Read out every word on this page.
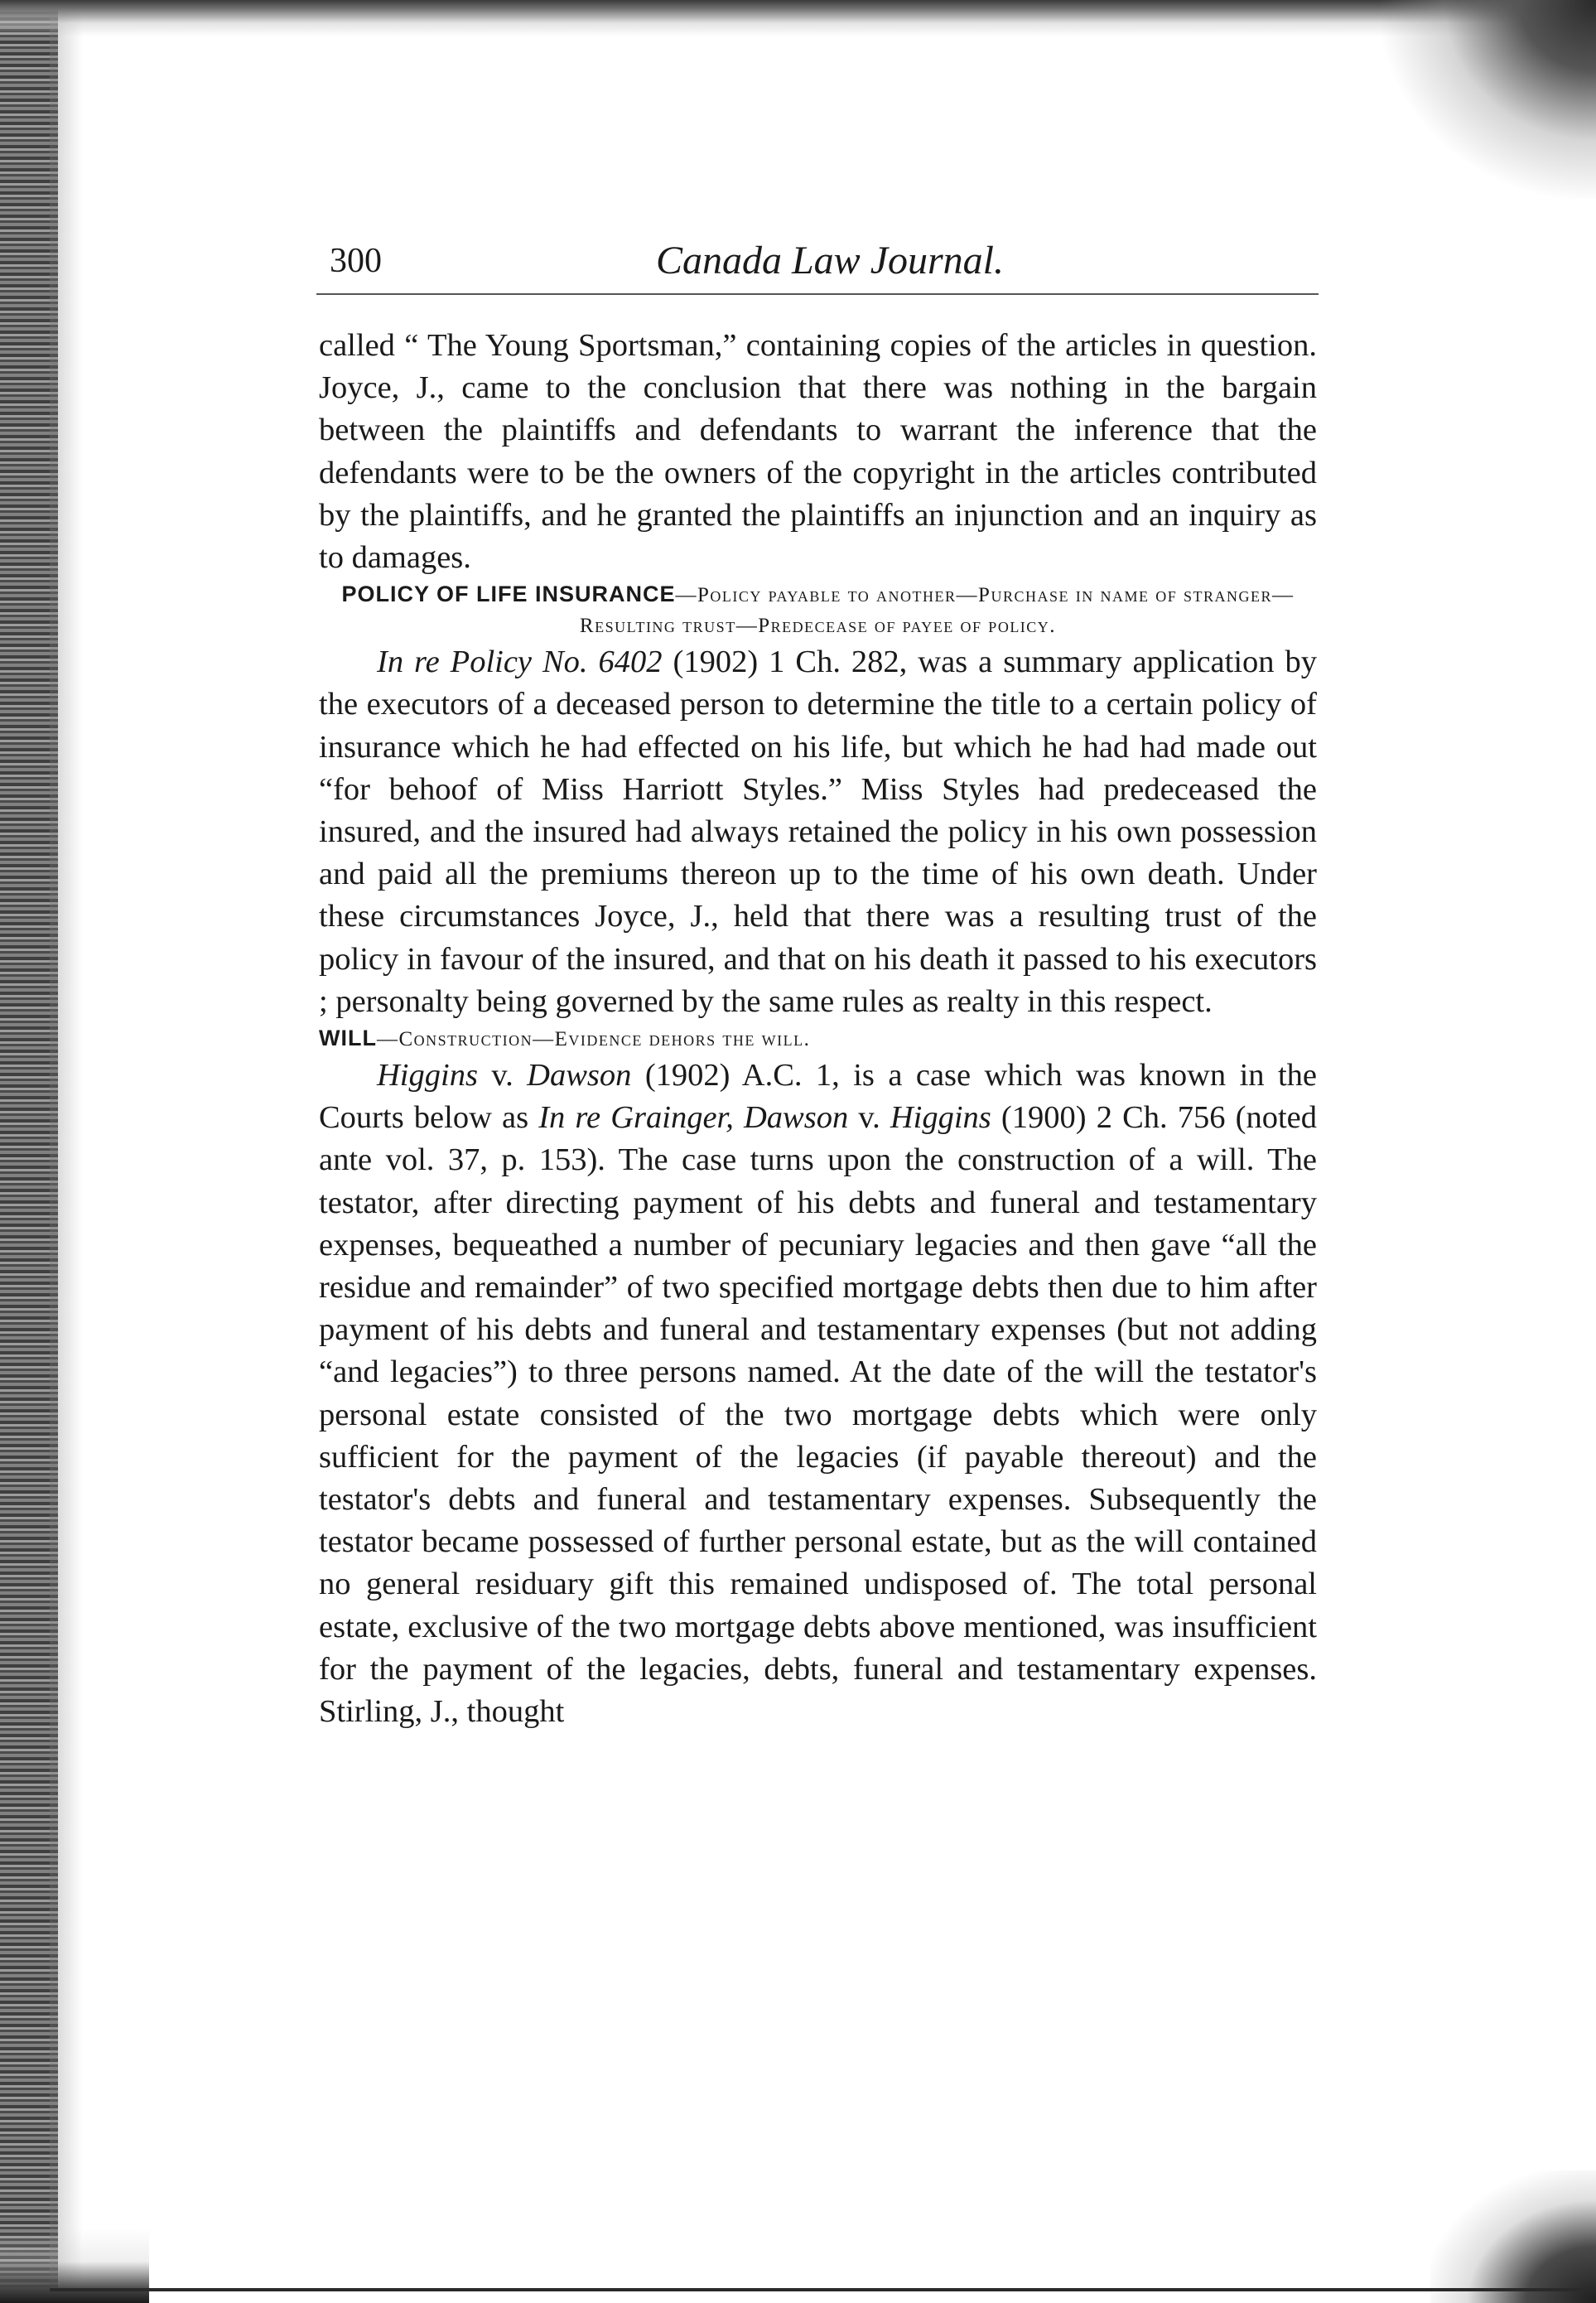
300	Canada Law Journal.

called “ The Young Sportsman,” containing copies of the articles in question. Joyce, J., came to the conclusion that there was nothing in the bargain between the plaintiffs and defendants to warrant the inference that the defendants were to be the owners of the copyright in the articles contributed by the plaintiffs, and he granted the plaintiffs an injunction and an inquiry as to damages.

POLICY OF LIFE INSURANCE—Policy payable to another—Purchase in name of stranger—Resulting trust—Predecease of payee of policy.

In re Policy No. 6402 (1902) 1 Ch. 282, was a summary application by the executors of a deceased person to determine the title to a certain policy of insurance which he had effected on his life, but which he had had made out “for behoof of Miss Harriott Styles.” Miss Styles had predeceased the insured, and the insured had always retained the policy in his own possession and paid all the premiums thereon up to the time of his own death. Under these circumstances Joyce, J., held that there was a resulting trust of the policy in favour of the insured, and that on his death it passed to his executors ; personalty being governed by the same rules as realty in this respect.

WILL—Construction—Evidence dehors the will.

Higgins v. Dawson (1902) A.C. 1, is a case which was known in the Courts below as In re Grainger, Dawson v. Higgins (1900) 2 Ch. 756 (noted ante vol. 37, p. 153). The case turns upon the construction of a will. The testator, after directing payment of his debts and funeral and testamentary expenses, bequeathed a number of pecuniary legacies and then gave “all the residue and remainder” of two specified mortgage debts then due to him after payment of his debts and funeral and testamentary expenses (but not adding “and legacies”) to three persons named. At the date of the will the testator's personal estate consisted of the two mortgage debts which were only sufficient for the payment of the legacies (if payable thereout) and the testator's debts and funeral and testamentary expenses. Subsequently the testator became possessed of further personal estate, but as the will contained no general residuary gift this remained undisposed of. The total personal estate, exclusive of the two mortgage debts above mentioned, was insufficient for the payment of the legacies, debts, funeral and testamentary expenses. Stirling, J., thought
